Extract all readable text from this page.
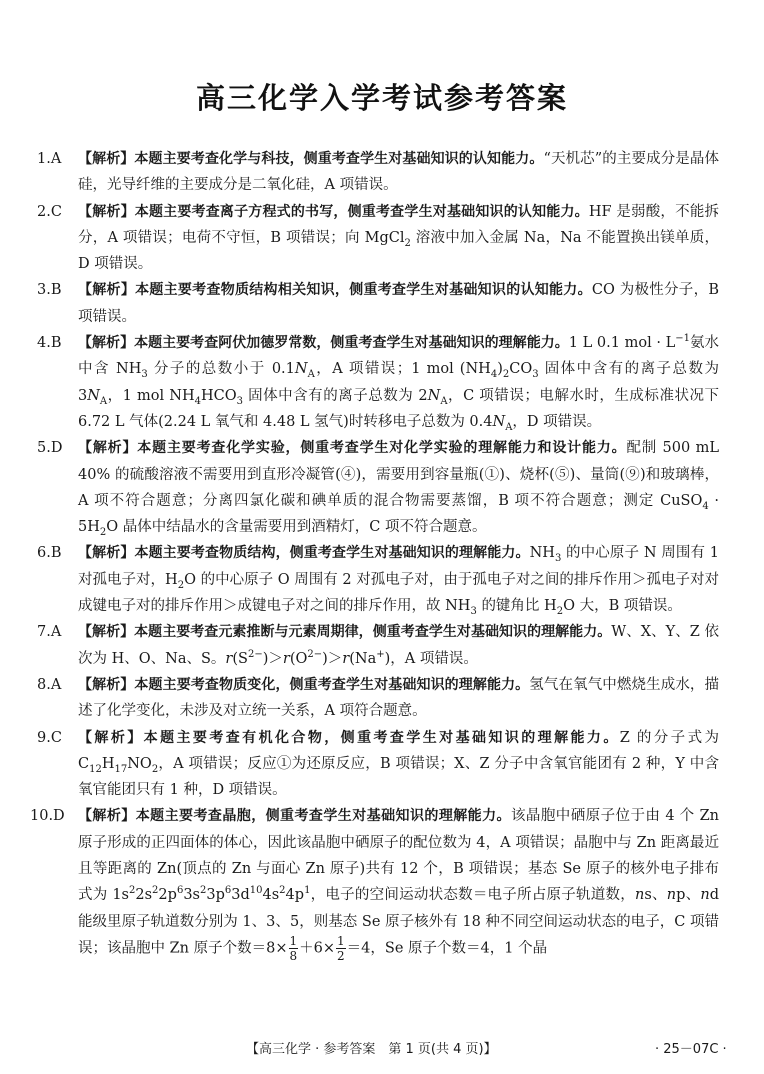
高三化学入学考试参考答案
1.A	【解析】本题主要考查化学与科技，侧重考查学生对基础知识的认知能力。“天机芯”的主要成分是晶体硅，光导纤维的主要成分是二氧化硅，A 项错误。
2.C	【解析】本题主要考查离子方程式的书写，侧重考查学生对基础知识的认知能力。HF 是弱酸，不能拆分，A 项错误；电荷不守恒，B 项错误；向 MgCl$_2$ 溶液中加入金属 Na，Na 不能置换出镁单质，D 项错误。
3.B	【解析】本题主要考查物质结构相关知识，侧重考查学生对基础知识的认知能力。CO 为极性分子，B 项错误。
4.B	【解析】本题主要考查阿伏加德罗常数，侧重考查学生对基础知识的理解能力。1 L 0.1 mol · $L^{-1}$氨水中含 $NH_3$ 分子的总数小于 $0.1N_A$，A 项错误；1 mol $(NH_4)_2CO_3$ 固体中含有的离子总数为 $3N_A$，1 mol $NH_4HCO_3$ 固体中含有的离子总数为 $2N_A$，C 项错误；电解水时，生成标准状况下 6.72 L 气体(2.24 L 氧气和 4.48 L 氢气)时转移电子总数为 $0.4N_A$，D 项错误。
5.D	【解析】本题主要考查化学实验，侧重考查学生对化学实验的理解能力和设计能力。配制 500 mL 40% 的硫酸溶液不需要用到直形冷凝管(④)，需要用到容量瓶(①)、烧杯(⑤)、量筒(⑨)和玻璃棒，A 项不符合题意；分离四氯化碳和碘单质的混合物需要蒸馏，B 项不符合题意；测定 CuSO$_4$ · $5H_2O$ 晶体中结晶水的含量需要用到酒精灯，C 项不符合题意。
6.B	【解析】本题主要考查物质结构，侧重考查学生对基础知识的理解能力。$NH_3$ 的中心原子 N 周围有 1 对孤电子对，$H_2O$ 的中心原子 O 周围有 2 对孤电子对，由于孤电子对之间的排斥作用＞孤电子对对成键电子对的排斥作用＞成键电子对之间的排斥作用，故 $NH_3$ 的键角比 $H_2O$ 大，B 项错误。
7.A	【解析】本题主要考查元素推断与元素周期律，侧重考查学生对基础知识的理解能力。W、X、Y、Z 依次为 H、O、Na、S。$r(S^{2-})>r(O^{2-})>r(Na^+)$，A 项错误。
8.A	【解析】本题主要考查物质变化，侧重考查学生对基础知识的理解能力。氢气在氧气中燃烧生成水，描述了化学变化，未涉及对立统一关系，A 项符合题意。
9.C	【解析】本题主要考查有机化合物，侧重考查学生对基础知识的理解能力。Z 的分子式为 $C_{12}H_{17}NO_2$，A 项错误；反应①为还原反应，B 项错误；X、Z 分子中含氧官能团有 2 种，Y 中含氧官能团只有 1 种，D 项错误。
10.D 【解析】本题主要考查晶胞，侧重考查学生对基础知识的理解能力。该晶胞中硒原子位于由 4 个 Zn 原子形成的正四面体的体心，因此该晶胞中硒原子的配位数为 4，A 项错误；晶胞中与 Zn 距离最近且等距离的 Zn(顶点的 Zn 与面心 Zn 原子)共有 12 个，B 项错误；基态 Se 原子的核外电子排布式为 $1s^22s^22p^63s^23p^63d^{10}4s^24p^1$，电子的空间运动状态数＝电子所占原子轨道数，ns、np、nd 能级里原子轨道数分别为 1、3、5，则基态 Se 原子核外有 18 种不同空间运动状态的电子，C 项错误；该晶胞中 Zn 原子个数$=8\times \frac{1}{8} +6\times \frac{1}{2} =4$，Se 原子个数＝4，1 个晶
【高三化学 · 参考答案　第 1 页(共 4 页)】	· 25－07C ·
